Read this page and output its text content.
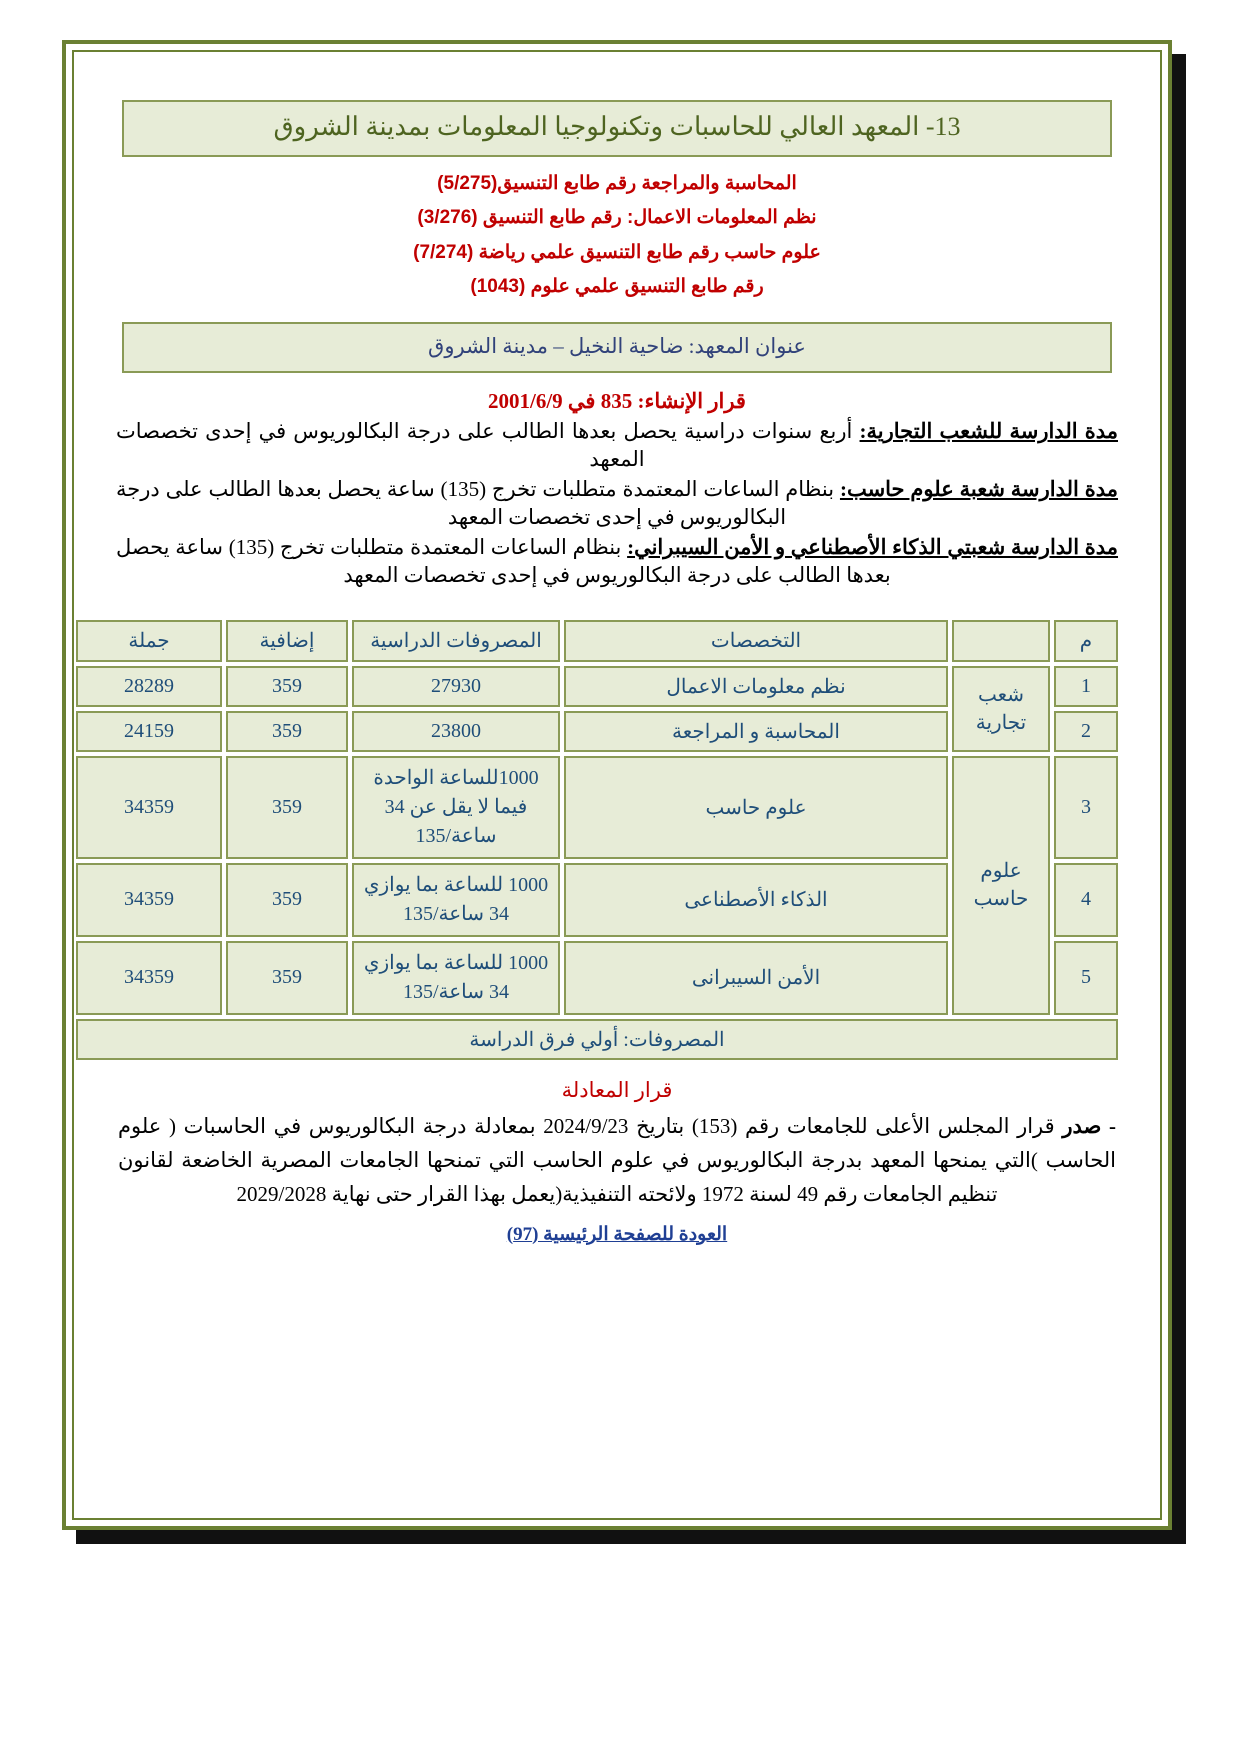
13- المعهد العالي للحاسبات وتكنولوجيا المعلومات بمدينة الشروق
المحاسبة والمراجعة رقم طابع التنسيق(5/275)
نظم المعلومات الاعمال: رقم طابع التنسيق (3/276)
علوم حاسب رقم طابع التنسيق علمي رياضة (7/274)
رقم طابع التنسيق علمي علوم (1043)
عنوان المعهد: ضاحية النخيل – مدينة الشروق
قرار الإنشاء: 835 في 2001/6/9

مدة الدارسة للشعب التجارية: أربع سنوات دراسية يحصل بعدها الطالب على درجة البكالوريوس في إحدى تخصصات المعهد

مدة الدارسة شعبة علوم حاسب: بنظام الساعات المعتمدة متطلبات تخرج (135) ساعة يحصل بعدها الطالب على درجة البكالوريوس في إحدى تخصصات المعهد

مدة الدارسة شعبتي الذكاء الأصطناعي و الأمن السيبراني: بنظام الساعات المعتمدة متطلبات تخرج (135) ساعة يحصل بعدها الطالب على درجة البكالوريوس في إحدى تخصصات المعهد

م		التخصصات	المصروفات الدراسية	إضافية	جملة
1	شعب تجارية	نظم معلومات الاعمال	27930	359	28289
2		المحاسبة و المراجعة	23800	359	24159
3	علوم حاسب	علوم حاسب	1000للساعة الواحدة فيما لا يقل عن 34 ساعة/135	359	34359
4		الذكاء الأصطناعى	1000 للساعة بما يوازي 34 ساعة/135	359	34359
5		الأمن السيبرانى	1000 للساعة بما يوازي 34 ساعة/135	359	34359
المصروفات: أولي فرق الدراسة					
قرار المعادلة

- صدر قرار المجلس الأعلى للجامعات رقم (153) بتاريخ 2024/9/23 بمعادلة درجة البكالوريوس في الحاسبات ( علوم الحاسب )التي يمنحها المعهد بدرجة البكالوريوس في علوم الحاسب التي تمنحها الجامعات المصرية الخاضعة لقانون تنظيم الجامعات رقم 49 لسنة 1972 ولائحته التنفيذية(يعمل بهذا القرار حتى نهاية 2029/2028

العودة للصفحة الرئيسية (97)
